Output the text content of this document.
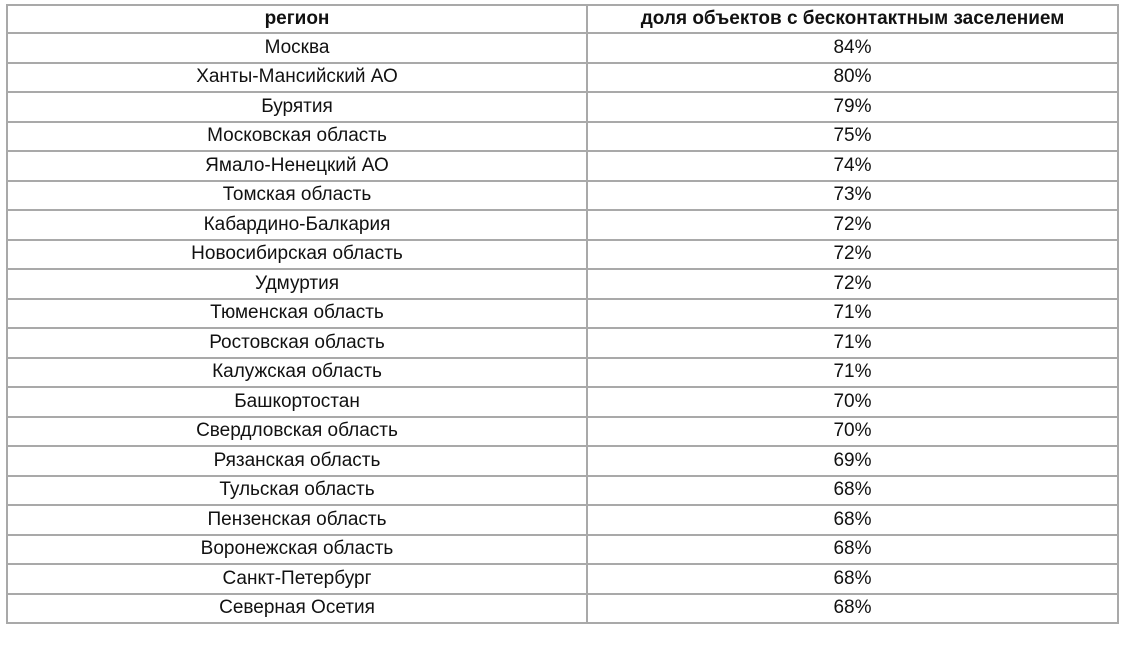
регион	доля объектов с бесконтактным заселением
Москва	84%
Ханты-Мансийский АО	80%
Бурятия	79%
Московская область	75%
Ямало-Ненецкий АО	74%
Томская область	73%
Кабардино-Балкария	72%
Новосибирская область	72%
Удмуртия	72%
Тюменская область	71%
Ростовская область	71%
Калужская область	71%
Башкортостан	70%
Свердловская область	70%
Рязанская область	69%
Тульская область	68%
Пензенская область	68%
Воронежская область	68%
Санкт-Петербург	68%
Северная Осетия	68%
